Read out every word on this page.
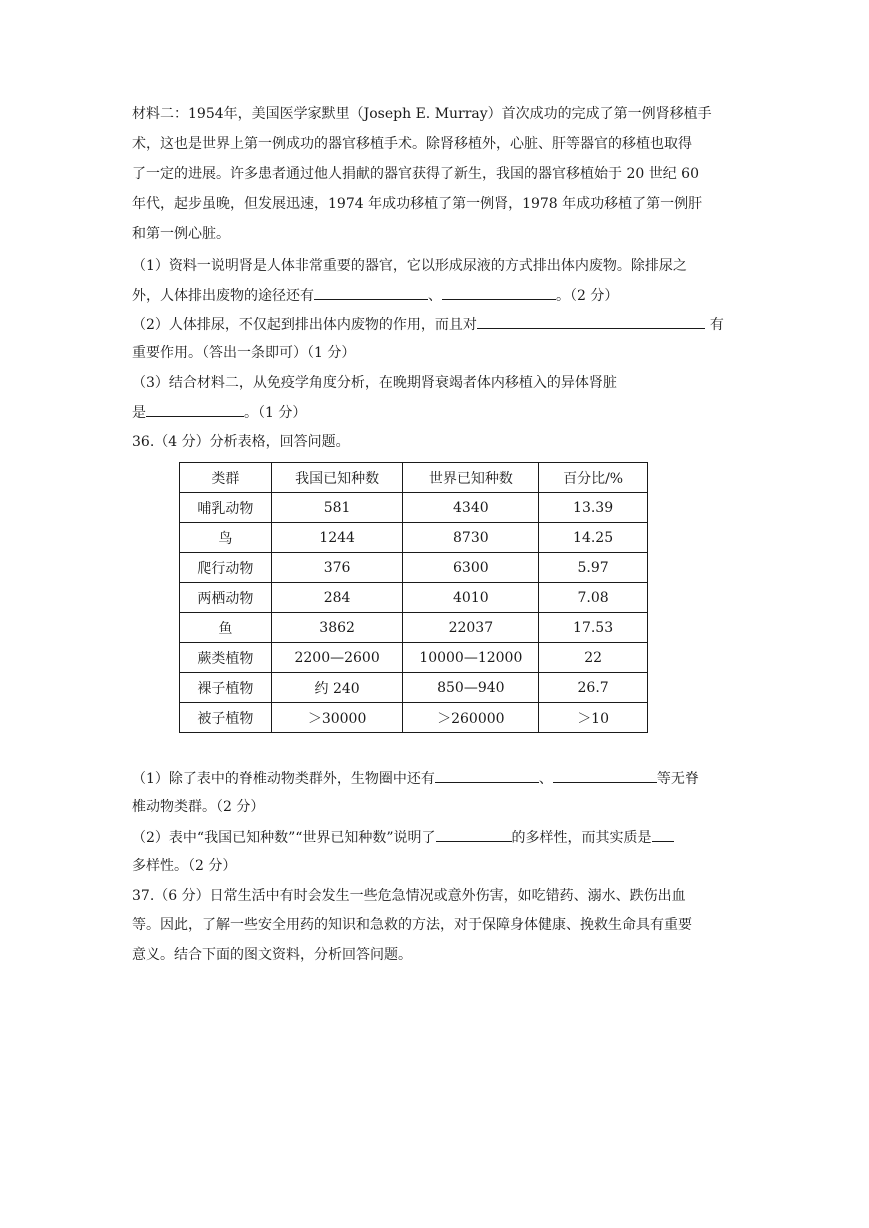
材料二：1954年，美国医学家默里（Joseph E. Murray）首次成功的完成了第一例肾移植手
术，这也是世界上第一例成功的器官移植手术。除肾移植外，心脏、肝等器官的移植也取得
了一定的进展。许多患者通过他人捐献的器官获得了新生，我国的器官移植始于 20 世纪 60
年代，起步虽晚，但发展迅速，1974 年成功移植了第一例肾，1978 年成功移植了第一例肝
和第一例心脏。
（1）资料一说明肾是人体非常重要的器官，它以形成尿液的方式排出体内废物。除排尿之
外，人体排出废物的途径还有	、	。（2 分）
（2）人体排尿，不仅起到排出体内废物的作用，而且对	有
重要作用。（答出一条即可）（1 分）
（3）结合材料二，从免疫学角度分析，在晚期肾衰竭者体内移植入的异体肾脏
是	。（1 分）
36.（4 分）分析表格，回答问题。
类群	我国已知种数	世界已知种数	百分比/%
哺乳动物	581	4340	13.39
鸟	1244	8730	14.25
爬行动物	376	6300	5.97
两栖动物	284	4010	7.08
鱼	3862	22037	17.53
蕨类植物	2200—2600	10000—12000	22
裸子植物	约 240	850—940	26.7
被子植物	＞30000	＞260000	＞10
（1）除了表中的脊椎动物类群外，生物圈中还有	、	等无脊
椎动物类群。（2 分）
（2）表中“我国已知种数”“世界已知种数”说明了	的多样性，而其实质是
多样性。（2 分）
37.（6 分）日常生活中有时会发生一些危急情况或意外伤害，如吃错药、溺水、跌伤出血
等。因此，了解一些安全用药的知识和急救的方法，对于保障身体健康、挽救生命具有重要
意义。结合下面的图文资料，分析回答问题。
